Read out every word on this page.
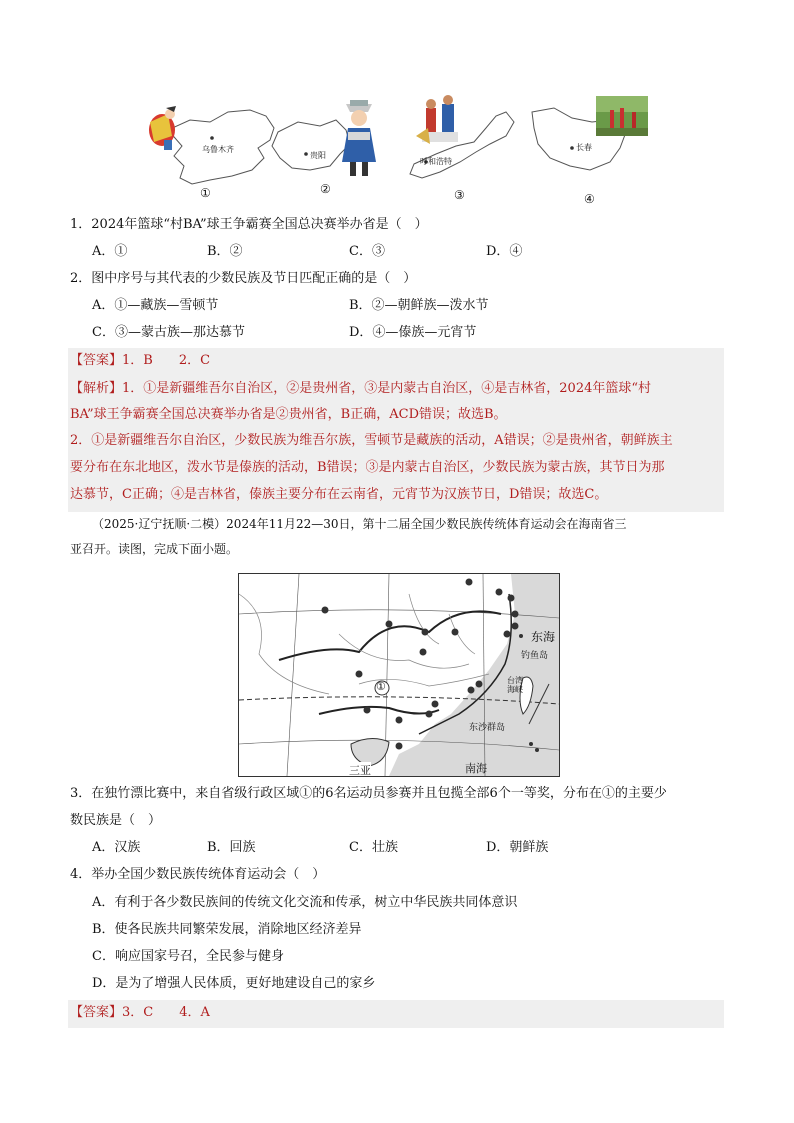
乌鲁木齐
贵阳
呼和浩特
长春
①	②	③	④
1．2024年篮球“村BA”球王争霸赛全国总决赛举办省是（　）
A．①	B．②	C．③	D．④
2．图中序号与其代表的少数民族及节日匹配正确的是（　）
A．①—藏族—雪顿节	B．②—朝鲜族—泼水节
C．③—蒙古族—那达慕节	D．④—傣族—元宵节
【答案】1．B　　2．C
【解析】1．①是新疆维吾尔自治区，②是贵州省，③是内蒙古自治区，④是吉林省，2024年篮球“村
BA”球王争霸赛全国总决赛举办省是②贵州省，B正确，ACD错误；故选B。
2．①是新疆维吾尔自治区，少数民族为维吾尔族，雪顿节是藏族的活动，A错误；②是贵州省，朝鲜族主
要分布在东北地区，泼水节是傣族的活动，B错误；③是内蒙古自治区，少数民族为蒙古族，其节日为那
达慕节，C正确；④是吉林省，傣族主要分布在云南省，元宵节为汉族节日，D错误；故选C。
（2025·辽宁抚顺·二模）2024年11月22—30日，第十二届全国少数民族传统体育运动会在海南省三
亚召开。读图，完成下面小题。
东海
钓鱼岛
台湾
海峡
东沙群岛
三亚	南海
①
3．在独竹漂比赛中，来自省级行政区域①的6名运动员参赛并且包揽全部6个一等奖，分布在①的主要少
数民族是（　）
A．汉族	B．回族	C．壮族	D．朝鲜族
4．举办全国少数民族传统体育运动会（　）
A．有利于各少数民族间的传统文化交流和传承，树立中华民族共同体意识
B．使各民族共同繁荣发展，消除地区经济差异
C．响应国家号召，全民参与健身
D．是为了增强人民体质，更好地建设自己的家乡
【答案】3．C　　4．A
